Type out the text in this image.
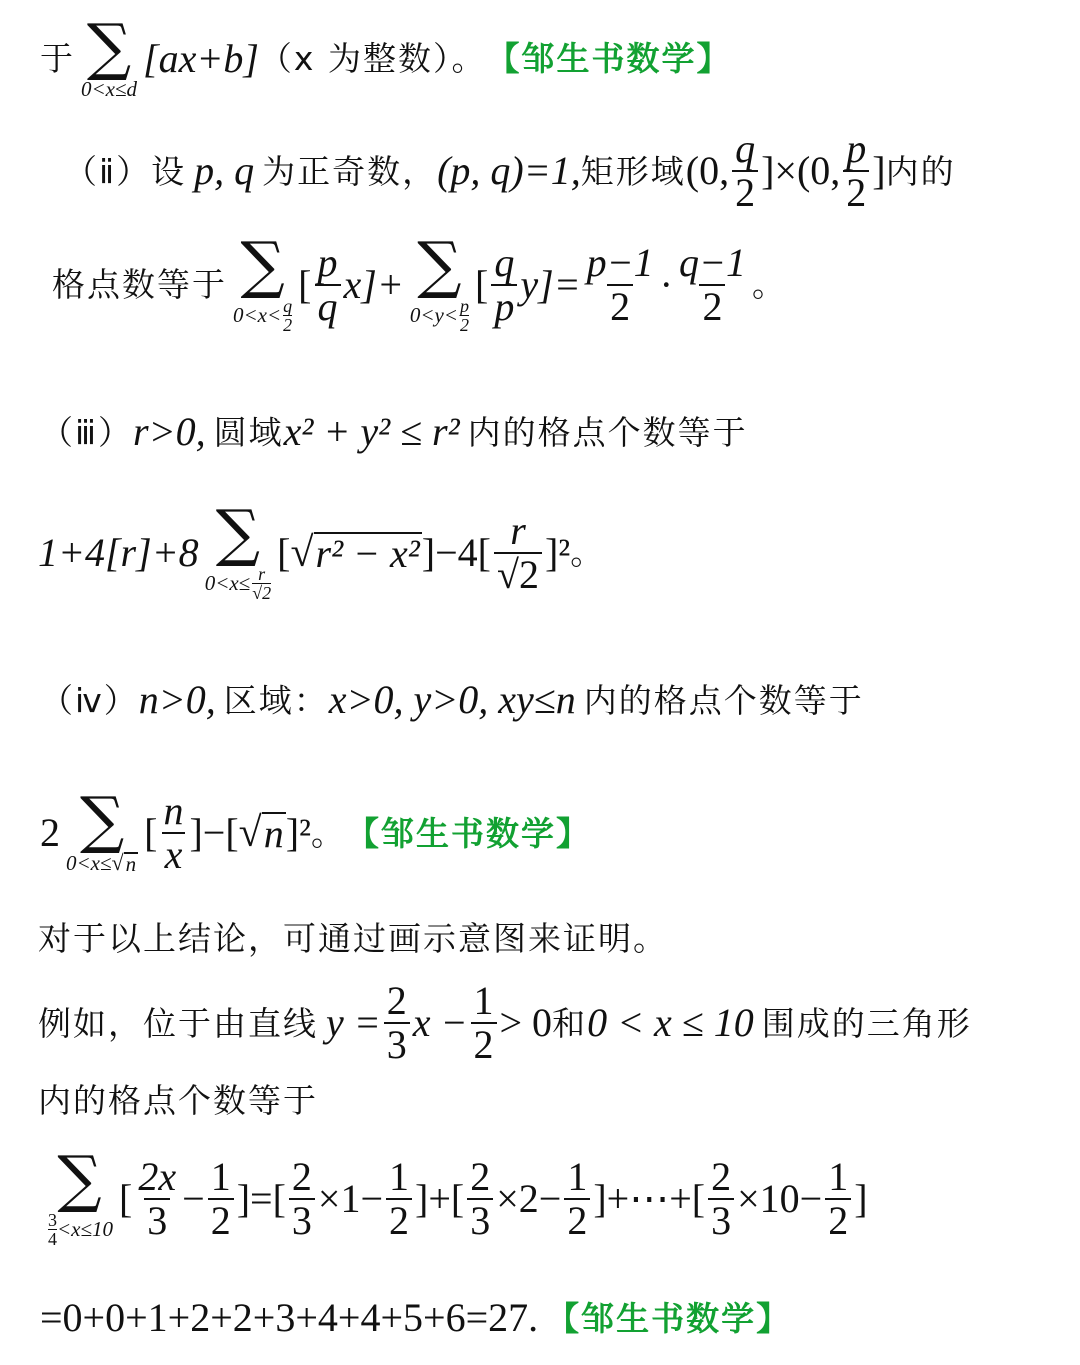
于 ∑
0<x≤d
[ax+b] （x 为整数）。 【邹生书数学】
（ⅱ） 设 p, q 为正奇数， (p, q)=1, 矩形域 (0, $\frac{q}{2} ]\times(0$, $\frac{p}{2}$ ] 内的
格点数等于 ∑
0<x< q
2
[ $\frac{p}{q} x]+$ ∑
0<y< p
2
[ $\frac{q}{p} y]= \frac{p-1}{2} \cdot \frac{q-1}{2}$ 。
（ⅲ） r>0, 圆域 x² + y² ≤ r² 内的格点个数等于
1+4[r]+8 ∑
$0<x\le \frac{r}{√2}$
[ √ r² − x² ]$-4[ \frac{r}{√2} ]^2$ 。
（ⅳ） n>0, 区域： x>0, y>0, xy≤n 内的格点个数等于
2 ∑
0<x≤ √ n
[ $\frac{n}{x}$ ]−[ √ n ]² 。 【邹生书数学】
对于以上结论，可通过画示意图来证明。
例如，位于由直线 $y = \frac{2}{3}$ $x - \frac{1}{2} > 0$ 和 0 < x ≤ 10 围成的三角形
内的格点个数等于
∑
3
4 <x≤10
[ $\frac{2x}{3} - \frac{1}{2}$ ]=[ $\frac{2}{3} \times 1- \frac{1}{2}$ ]+[ $\frac{2}{3} \times 2- \frac{1}{2}$ ]+⋯+[ $\frac{2}{3} \times 10- \frac{1}{2}$ ]
=0+0+1+2+2+3+4+4+5+6=27. 【邹生书数学】
